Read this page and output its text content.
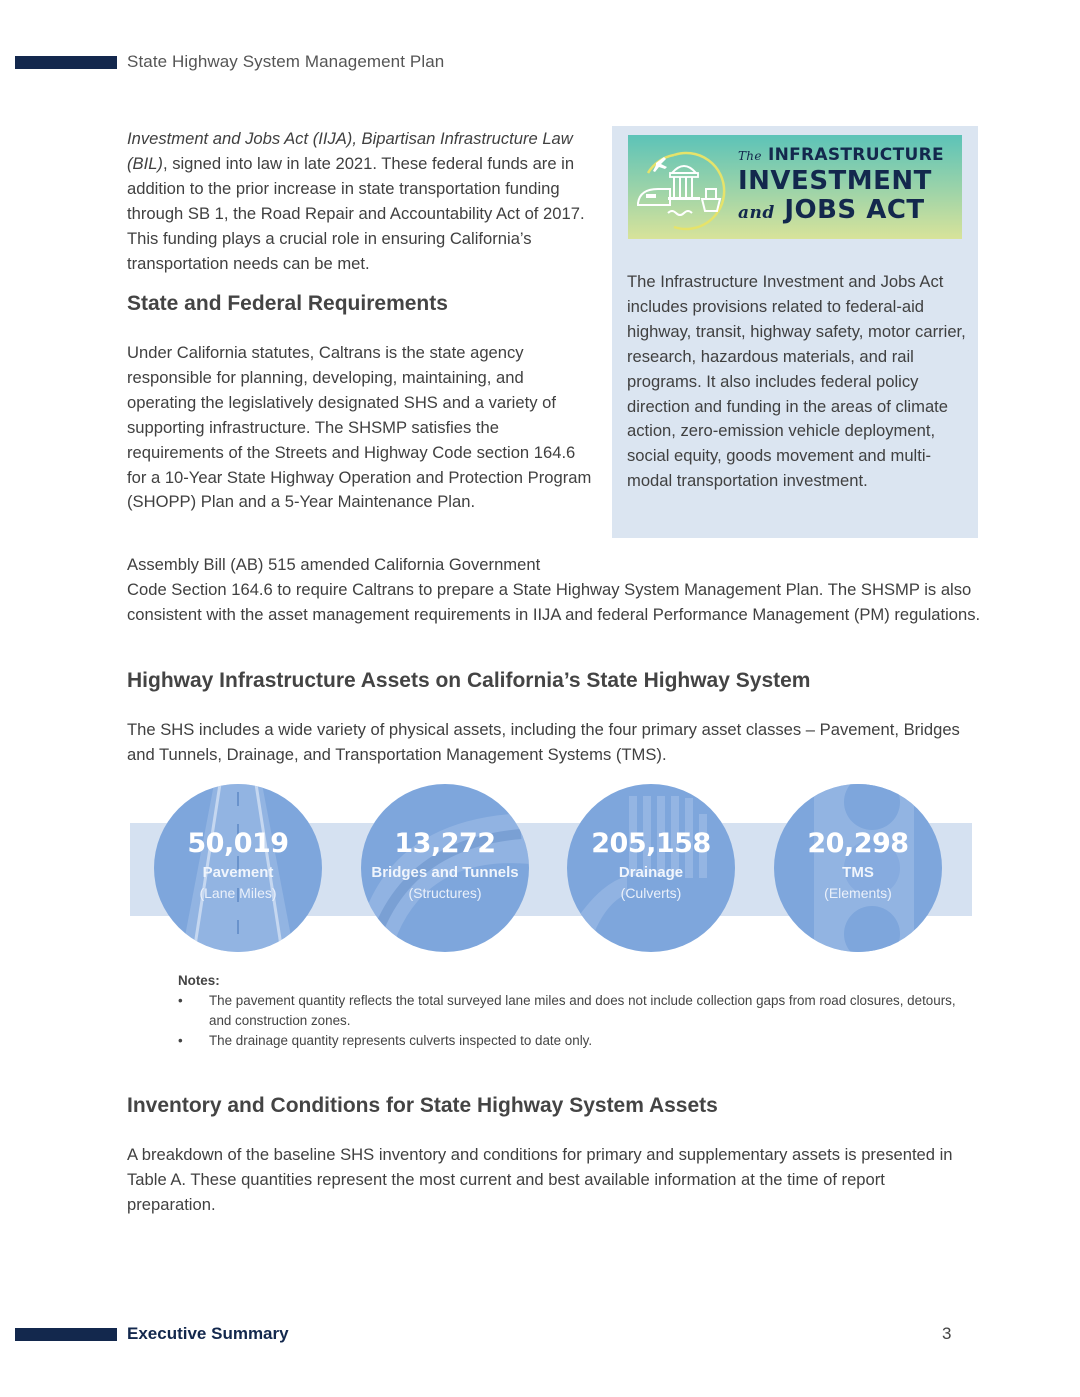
State Highway System Management Plan
Investment and Jobs Act (IIJA), Bipartisan Infrastructure Law (BIL), signed into law in late 2021. These federal funds are in addition to the prior increase in state transportation funding through SB 1, the Road Repair and Accountability Act of 2017. This funding plays a crucial role in ensuring California’s transportation needs can be met.
The INFRASTRUCTURE
INVESTMENT
and JOBS ACT
The Infrastructure Investment and Jobs Act includes provisions related to federal-aid highway, transit, highway safety, motor carrier, research, hazardous materials, and rail programs. It also includes federal policy direction and funding in the areas of climate action, zero-emission vehicle deployment, social equity, goods movement and multi-modal transportation investment.
State and Federal Requirements
Under California statutes, Caltrans is the state agency responsible for planning, developing, maintaining, and operating the legislatively designated SHS and a variety of supporting infrastructure. The SHSMP satisfies the requirements of the Streets and Highway Code section 164.6 for a 10-Year State Highway Operation and Protection Program (SHOPP) Plan and a 5-Year Maintenance Plan.
Assembly Bill (AB) 515 amended California Government
Code Section 164.6 to require Caltrans to prepare a State Highway System Management Plan. The SHSMP is also consistent with the asset management requirements in IIJA and federal Performance Management (PM) regulations.
Highway Infrastructure Assets on California’s State Highway System
The SHS includes a wide variety of physical assets, including the four primary asset classes – Pavement, Bridges and Tunnels, Drainage, and Transportation Management Systems (TMS).
50,019
Pavement
(Lane Miles)
13,272
Bridges and Tunnels
(Structures)
205,158
Drainage
(Culverts)
20,298
TMS
(Elements)
Notes:
• The pavement quantity reflects the total surveyed lane miles and does not include collection gaps from road closures, detours, and construction zones.
• The drainage quantity represents culverts inspected to date only.
Inventory and Conditions for State Highway System Assets
A breakdown of the baseline SHS inventory and conditions for primary and supplementary assets is presented in Table A. These quantities represent the most current and best available information at the time of report preparation.
Executive Summary	3
